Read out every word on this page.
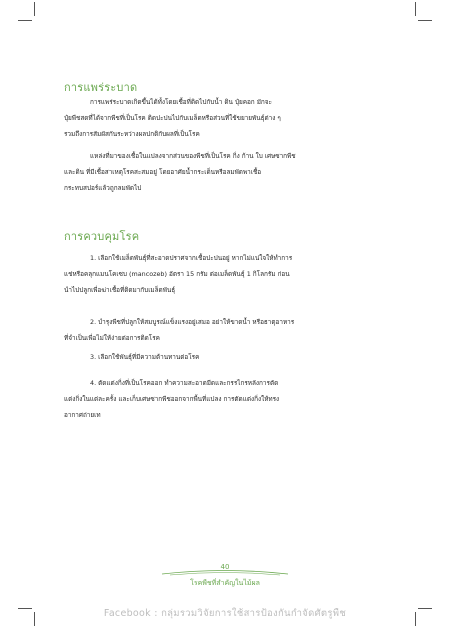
การแพร่ระบาด
การแพร่ระบาดเกิดขึ้นได้ทั้งโดยเชื้อที่ติดไปกับน้ำ ดิน ปุ๋ยคอก มักจะ
ปุ๋ยพืชสดที่ได้จากพืชที่เป็นโรค ติดปะปนไปกับเมล็ดหรือส่วนที่ใช้ขยายพันธุ์ต่าง ๆ
รวมถึงการสัมผัสกันระหว่างผลปกติกับผลที่เป็นโรค
แหล่งที่มาของเชื้อในแปลงจากส่วนของพืชที่เป็นโรค กิ่ง ก้าน ใบ เศษซากพืช
และดิน ที่มีเชื้อสาเหตุโรคสะสมอยู่ โดยอาศัยน้ำกระเด็นหรือลมพัดพาเชื้อ
กระทบสปอร์แล้วถูกลมพัดไป
การควบคุมโรค
1. เลือกใช้เมล็ดพันธุ์ที่สะอาดปราศจากเชื้อปะปนอยู่ หากไม่แน่ใจให้ทำการ
แช่หรือคลุกแมนโคเซบ (mancozeb) อัตรา 15 กรัม ต่อเมล็ดพันธุ์ 1 กิโลกรัม ก่อน
นำไปปลูกเพื่อฆ่าเชื้อที่ติดมากับเมล็ดพันธุ์
2. บำรุงพืชที่ปลูกให้สมบูรณ์แข็งแรงอยู่เสมอ อย่าให้ขาดน้ำ หรือธาตุอาหาร
ที่จำเป็นเพื่อไม่ให้ง่ายต่อการติดโรค
3. เลือกใช้พันธุ์ที่มีความต้านทานต่อโรค
4. ตัดแต่งกิ่งที่เป็นโรคออก ทำความสะอาดมีดและกรรไกรหลังการตัด
แต่งกิ่งในแต่ละครั้ง และเก็บเศษซากพืชออกจากพื้นที่แปลง การตัดแต่งกิ่งให้ทรง
อากาศถ่ายเท
40
โรคพืชที่สำคัญในไม้ผล
Facebook : กลุ่มรวมวิจัยการใช้สารป้องกันกำจัดศัตรูพืช
